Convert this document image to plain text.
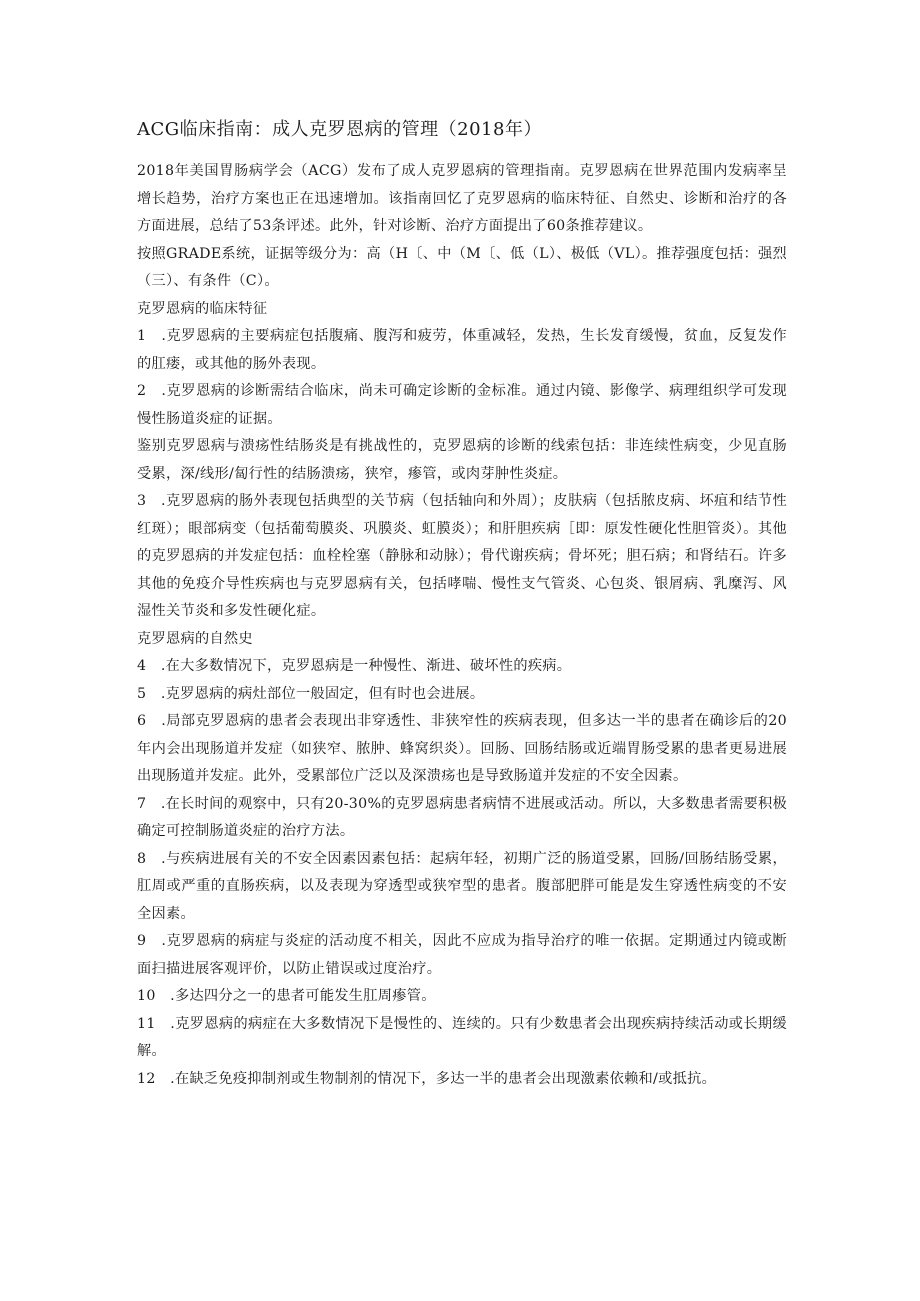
ACG临床指南：成人克罗恩病的管理（2018年）

2018年美国胃肠病学会（ACG）发布了成人克罗恩病的管理指南。克罗恩病在世界范围内发病率呈增长趋势，治疗方案也正在迅速增加。该指南回忆了克罗恩病的临床特征、自然史、诊断和治疗的各方面进展，总结了53条评述。此外，针对诊断、治疗方面提出了60条推荐建议。

按照GRADE系统，证据等级分为：高（H〔、中（M〔、低（L）、极低（VL）。推荐强度包括：强烈（三）、有条件（C）。

克罗恩病的临床特征

1　.克罗恩病的主要病症包括腹痛、腹泻和疲劳，体重减轻，发热，生长发育缓慢，贫血，反复发作的肛瘘，或其他的肠外表现。

2　.克罗恩病的诊断需结合临床，尚未可确定诊断的金标准。通过内镜、影像学、病理组织学可发现慢性肠道炎症的证据。

鉴别克罗恩病与溃疡性结肠炎是有挑战性的，克罗恩病的诊断的线索包括：非连续性病变，少见直肠受累，深/线形/匐行性的结肠溃疡，狭窄，瘆管，或肉芽肿性炎症。

3　.克罗恩病的肠外表现包括典型的关节病（包括轴向和外周）；皮肤病（包括脓皮病、坏疽和结节性红斑）；眼部病变（包括葡萄膜炎、巩膜炎、虹膜炎）；和肝胆疾病［即：原发性硬化性胆管炎）。其他的克罗恩病的并发症包括：血栓栓塞（静脉和动脉）；骨代谢疾病；骨坏死；胆石病；和肾结石。许多其他的免疫介导性疾病也与克罗恩病有关，包括哮喘、慢性支气管炎、心包炎、银屑病、乳糜泻、风湿性关节炎和多发性硬化症。

克罗恩病的自然史

4　.在大多数情况下，克罗恩病是一种慢性、渐进、破坏性的疾病。

5　.克罗恩病的病灶部位一般固定，但有时也会进展。

6　.局部克罗恩病的患者会表现出非穿透性、非狭窄性的疾病表现，但多达一半的患者在确诊后的20年内会出现肠道并发症（如狭窄、脓肿、蜂窝织炎）。回肠、回肠结肠或近端胃肠受累的患者更易进展出现肠道并发症。此外，受累部位广泛以及深溃疡也是导致肠道并发症的不安全因素。

7　.在长时间的观察中，只有20-30%的克罗恩病患者病情不进展或活动。所以，大多数患者需要积极确定可控制肠道炎症的治疗方法。

8　.与疾病进展有关的不安全因素因素包括：起病年轻，初期广泛的肠道受累，回肠/回肠结肠受累，肛周或严重的直肠疾病，以及表现为穿透型或狭窄型的患者。腹部肥胖可能是发生穿透性病变的不安全因素。

9　.克罗恩病的病症与炎症的活动度不相关，因此不应成为指导治疗的唯一依据。定期通过内镜或断面扫描进展客观评价，以防止错误或过度治疗。

10　.多达四分之一的患者可能发生肛周瘆管。

11　.克罗恩病的病症在大多数情况下是慢性的、连续的。只有少数患者会出现疾病持续活动或长期缓解。

12　.在缺乏免疫抑制剂或生物制剂的情况下，多达一半的患者会出现激素依赖和/或抵抗。
